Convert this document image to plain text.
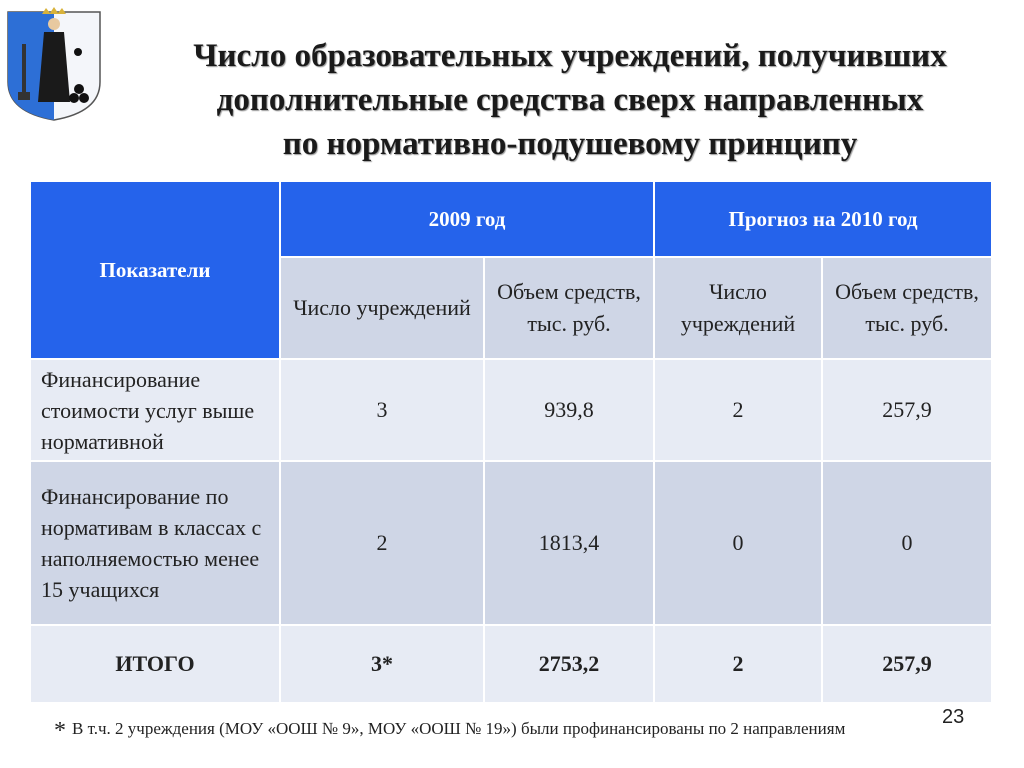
Число образовательных учреждений, получивших
дополнительные средства сверх направленных
по нормативно-подушевому принципу
Показатели	2009 год		Прогноз на 2010 год	
	Число учреждений	Объем средств, тыс. руб.	Число учреждений	Объем средств, тыс. руб.
Финансирование стоимости услуг выше нормативной	3	939,8	2	257,9
Финансирование по нормативам в классах с наполняемостью менее 15 учащихся	2	1813,4	0	0
ИТОГО	3*	2753,2	2	257,9
* В т.ч. 2 учреждения (МОУ «ООШ № 9», МОУ «ООШ № 19») были профинансированы по 2 направлениям
23
